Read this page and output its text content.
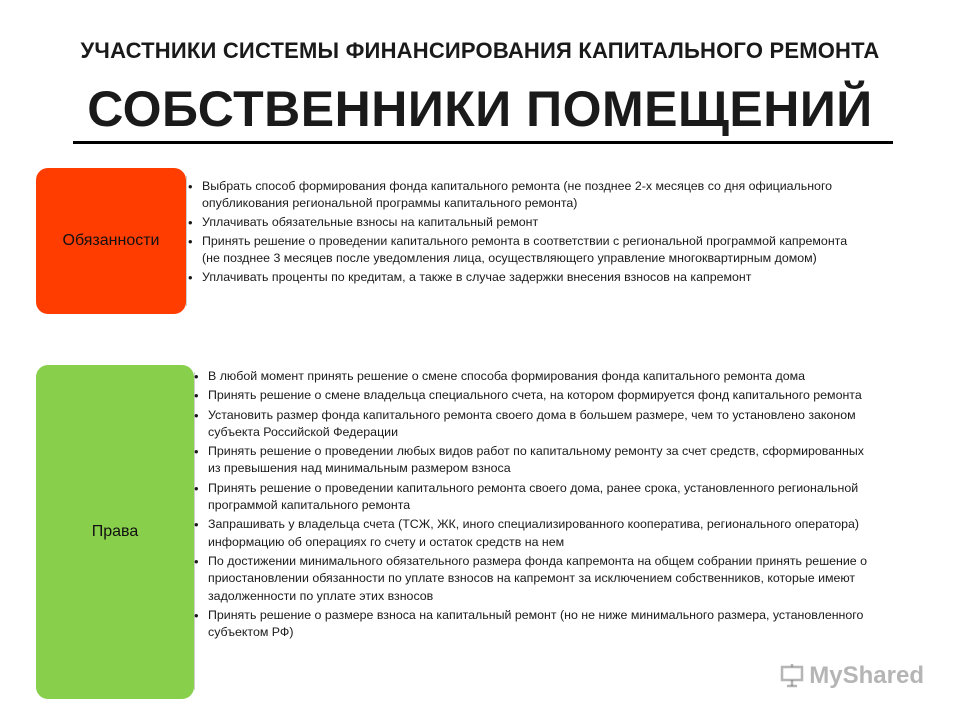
УЧАСТНИКИ СИСТЕМЫ ФИНАНСИРОВАНИЯ КАПИТАЛЬНОГО РЕМОНТА
СОБСТВЕННИКИ ПОМЕЩЕНИЙ
Обязанности
• Выбрать способ формирования фонда капитального ремонта (не позднее 2-х месяцев со дня официального опубликования региональной программы капитального ремонта)
• Уплачивать обязательные взносы на капитальный ремонт
• Принять решение о проведении капитального ремонта в соответствии с региональной программой капремонта (не позднее 3 месяцев после уведомления лица, осуществляющего управление многоквартирным домом)
• Уплачивать проценты по кредитам, а также в случае задержки внесения взносов на капремонт
Права
• В любой момент принять решение о смене способа формирования фонда капитального ремонта дома
• Принять решение о смене владельца специального счета, на котором формируется фонд капитального ремонта
• Установить размер фонда капитального ремонта своего дома в большем размере, чем то установлено законом субъекта Российской Федерации
• Принять решение о проведении любых видов работ по капитальному ремонту за счет средств, сформированных из превышения над минимальным размером взноса
• Принять решение о проведении капитального ремонта своего дома, ранее срока, установленного региональной программой капитального ремонта
• Запрашивать у владельца счета (ТСЖ, ЖК, иного специализированного кооператива, регионального оператора) информацию об операциях го счету и остаток средств на нем
• По достижении минимального обязательного размера фонда капремонта на общем собрании принять решение о приостановлении обязанности по уплате взносов на капремонт за исключением собственников, которые имеют задолженности по уплате этих взносов
• Принять решение о размере взноса на капитальный ремонт (но не ниже минимального размера, установленного субъектом РФ)
MyShared
